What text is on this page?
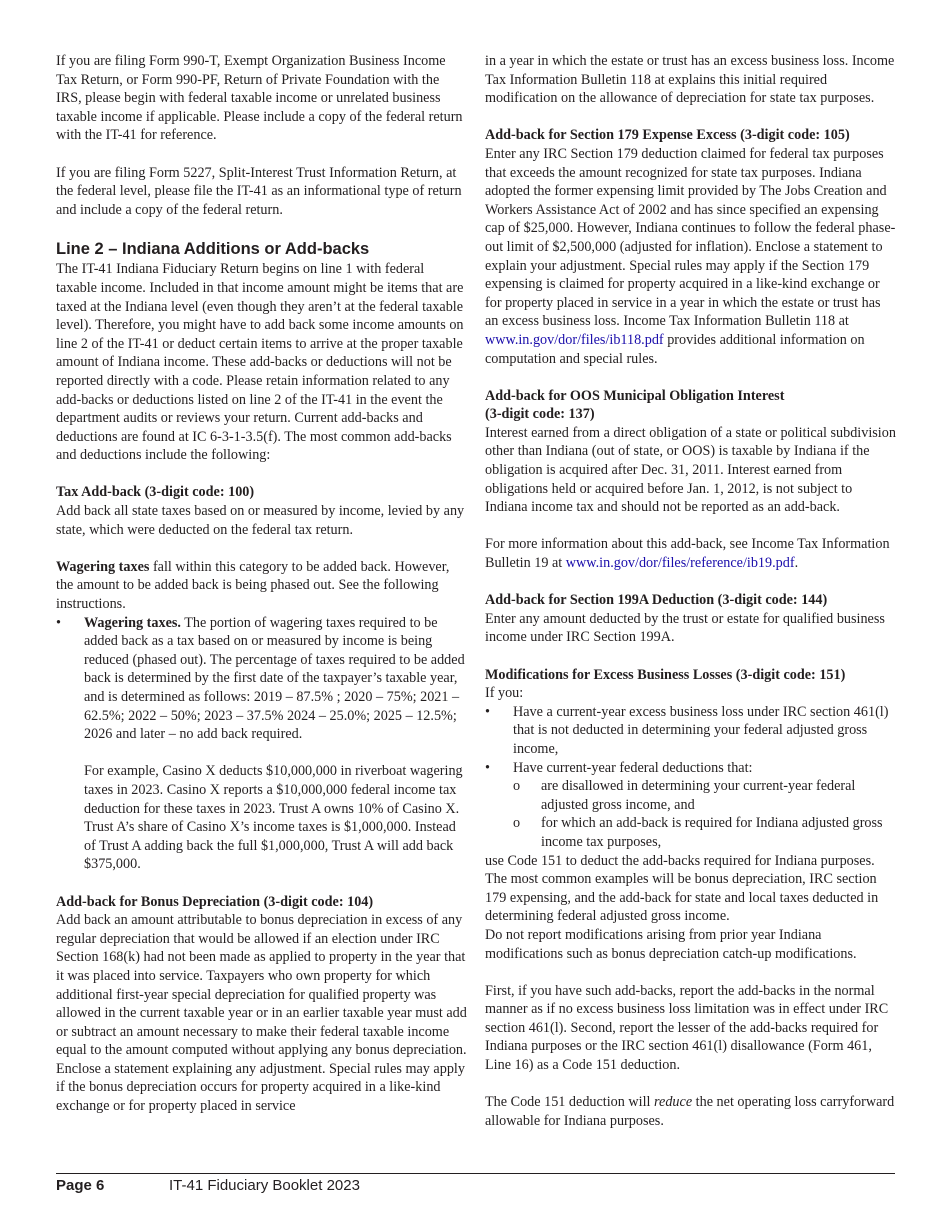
If you are filing Form 990-T, Exempt Organization Business Income Tax Return, or Form 990-PF, Return of Private Foundation with the IRS, please begin with federal taxable income or unrelated business taxable income if applicable. Please include a copy of the federal return with the IT-41 for reference.

If you are filing Form 5227, Split-Interest Trust Information Return, at the federal level, please file the IT-41 as an informational type of return and include a copy of the federal return.

Line 2 – Indiana Additions or Add-backs

The IT-41 Indiana Fiduciary Return begins on line 1 with federal taxable income. Included in that income amount might be items that are taxed at the Indiana level (even though they aren’t at the federal taxable level). Therefore, you might have to add back some income amounts on line 2 of the IT-41 or deduct certain items to arrive at the proper taxable amount of Indiana income. These add-backs or deductions will not be reported directly with a code. Please retain information related to any add-backs or deductions listed on line 2 of the IT-41 in the event the department audits or reviews your return. Current add-backs and deductions are found at IC 6-3-1-3.5(f). The most common add-backs and deductions include the following:

Tax Add-back (3-digit code: 100)

Add back all state taxes based on or measured by income, levied by any state, which were deducted on the federal tax return.

Wagering taxes fall within this category to be added back. However, the amount to be added back is being phased out. See the following instructions.

• Wagering taxes. The portion of wagering taxes required to be added back as a tax based on or measured by income is being reduced (phased out). The percentage of taxes required to be added back is determined by the first date of the taxpayer’s taxable year, and is determined as follows: 2019 – 87.5% ; 2020 – 75%; 2021 – 62.5%; 2022 – 50%; 2023 – 37.5% 2024 – 25.0%; 2025 – 12.5%; 2026 and later – no add back required.

For example, Casino X deducts $10,000,000 in riverboat wagering taxes in 2023. Casino X reports a $10,000,000 federal income tax deduction for these taxes in 2023. Trust A owns 10% of Casino X. Trust A’s share of Casino X’s income taxes is $1,000,000. Instead of Trust A adding back the full $1,000,000, Trust A will add back $375,000.

Add-back for Bonus Depreciation (3-digit code: 104)

Add back an amount attributable to bonus depreciation in excess of any regular depreciation that would be allowed if an election under IRC Section 168(k) had not been made as applied to property in the year that it was placed into service. Taxpayers who own property for which additional first-year special depreciation for qualified property was allowed in the current taxable year or in an earlier taxable year must add or subtract an amount necessary to make their federal taxable income equal to the amount computed without applying any bonus depreciation. Enclose a statement explaining any adjustment. Special rules may apply if the bonus depreciation occurs for property acquired in a like-kind exchange or for property placed in service

in a year in which the estate or trust has an excess business loss. Income Tax Information Bulletin 118 at explains this initial required modification on the allowance of depreciation for state tax purposes.

Add-back for Section 179 Expense Excess (3-digit code: 105)

Enter any IRC Section 179 deduction claimed for federal tax purposes that exceeds the amount recognized for state tax purposes. Indiana adopted the former expensing limit provided by The Jobs Creation and Workers Assistance Act of 2002 and has since specified an expensing cap of $25,000. However, Indiana continues to follow the federal phase-out limit of $2,500,000 (adjusted for inflation). Enclose a statement to explain your adjustment. Special rules may apply if the Section 179 expensing is claimed for property acquired in a like-kind exchange or for property placed in service in a year in which the estate or trust has an excess business loss. Income Tax Information Bulletin 118 at
www.in.gov/dor/files/ib118.pdf provides additional information on computation and special rules.

Add-back for OOS Municipal Obligation Interest
(3-digit code: 137)

Interest earned from a direct obligation of a state or political subdivision other than Indiana (out of state, or OOS) is taxable by Indiana if the obligation is acquired after Dec. 31, 2011. Interest earned from obligations held or acquired before Jan. 1, 2012, is not subject to Indiana income tax and should not be reported as an add-back.

For more information about this add-back, see Income Tax Information Bulletin 19 at www.in.gov/dor/files/reference/ib19.pdf.

Add-back for Section 199A Deduction (3-digit code: 144)

Enter any amount deducted by the trust or estate for qualified business income under IRC Section 199A.

Modifications for Excess Business Losses (3-digit code: 151)

If you:

• Have a current-year excess business loss under IRC section 461(l) that is not deducted in determining your federal adjusted gross income,
• Have current-year federal deductions that:
o are disallowed in determining your current-year federal adjusted gross income, and
o for which an add-back is required for Indiana adjusted gross income tax purposes,

use Code 151 to deduct the add-backs required for Indiana purposes. The most common examples will be bonus depreciation, IRC section 179 expensing, and the add-back for state and local taxes deducted in determining federal adjusted gross income.

Do not report modifications arising from prior year Indiana modifications such as bonus depreciation catch-up modifications.

First, if you have such add-backs, report the add-backs in the normal manner as if no excess business loss limitation was in effect under IRC section 461(l). Second, report the lesser of the add-backs required for Indiana purposes or the IRC section 461(l) disallowance (Form 461, Line 16) as a Code 151 deduction.

The Code 151 deduction will reduce the net operating loss carryforward allowable for Indiana purposes.

Page 6	IT-41 Fiduciary Booklet 2023
